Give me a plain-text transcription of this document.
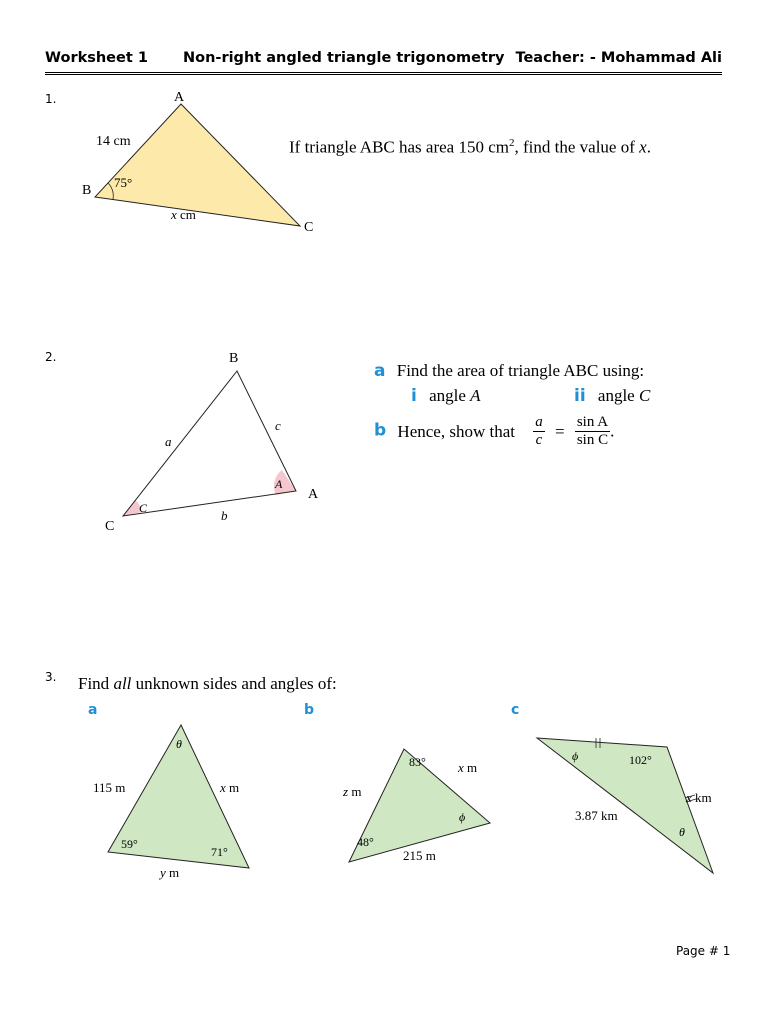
Worksheet 1 Non-right angled triangle trigonometry Teacher: - Mohammad Ali
1.	A
B
C
14 cm
75°
x cm
B
C
A
a
c
b
C
A
θ
115 m	x m
59°
71°
y m
83° x m
z m
ϕ
48°
215 m
ϕ	102°
x km
3.87 km
θ
If triangle ABC has area 150 $cm^2$, find the value of x.
2.
a Find the area of triangle ABC using:
i angle A	ii angle C
b Hence, show that $\frac{a}{c} = \frac{\text{sin A}}{\text{sin C}}$ .
3. Find all unknown sides and angles of:
a	b	c
Page # 1
